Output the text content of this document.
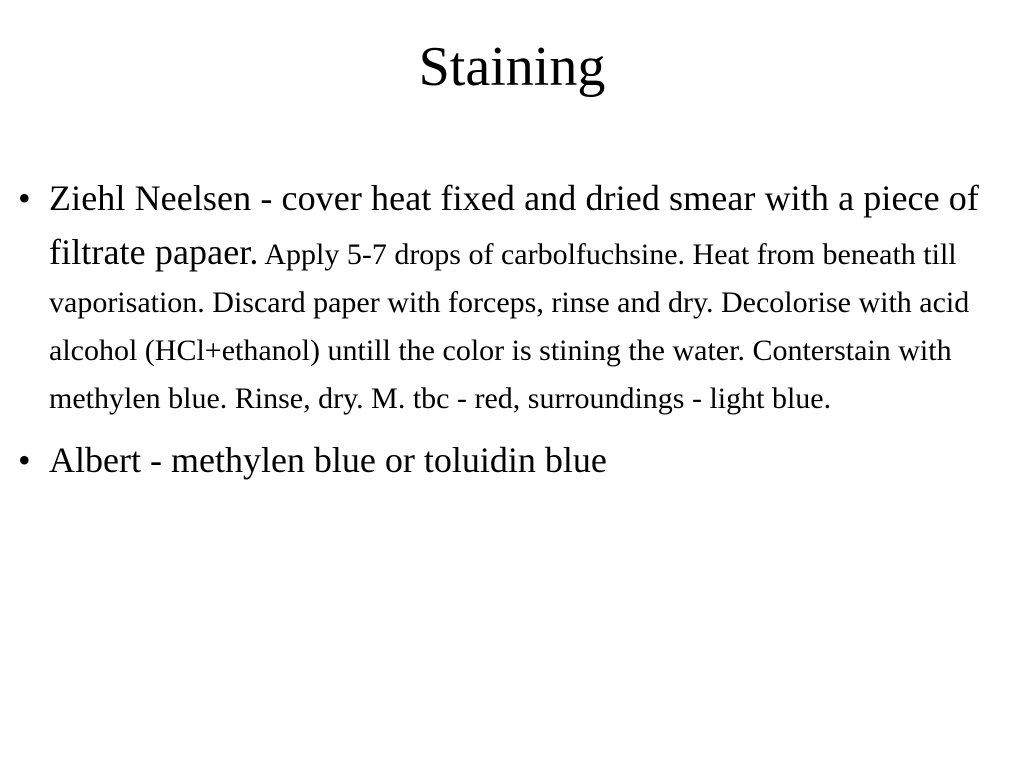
Staining
• Ziehl Neelsen - cover heat fixed and dried smear with a piece of filtrate papaer. Apply 5-7 drops of carbolfuchsine. Heat from beneath till vaporisation. Discard paper with forceps, rinse and dry. Decolorise with acid alcohol (HCl+ethanol) untill the color is stining the water. Conterstain with methylen blue. Rinse, dry. M. tbc - red, surroundings - light blue.
• Albert - methylen blue or toluidin blue
